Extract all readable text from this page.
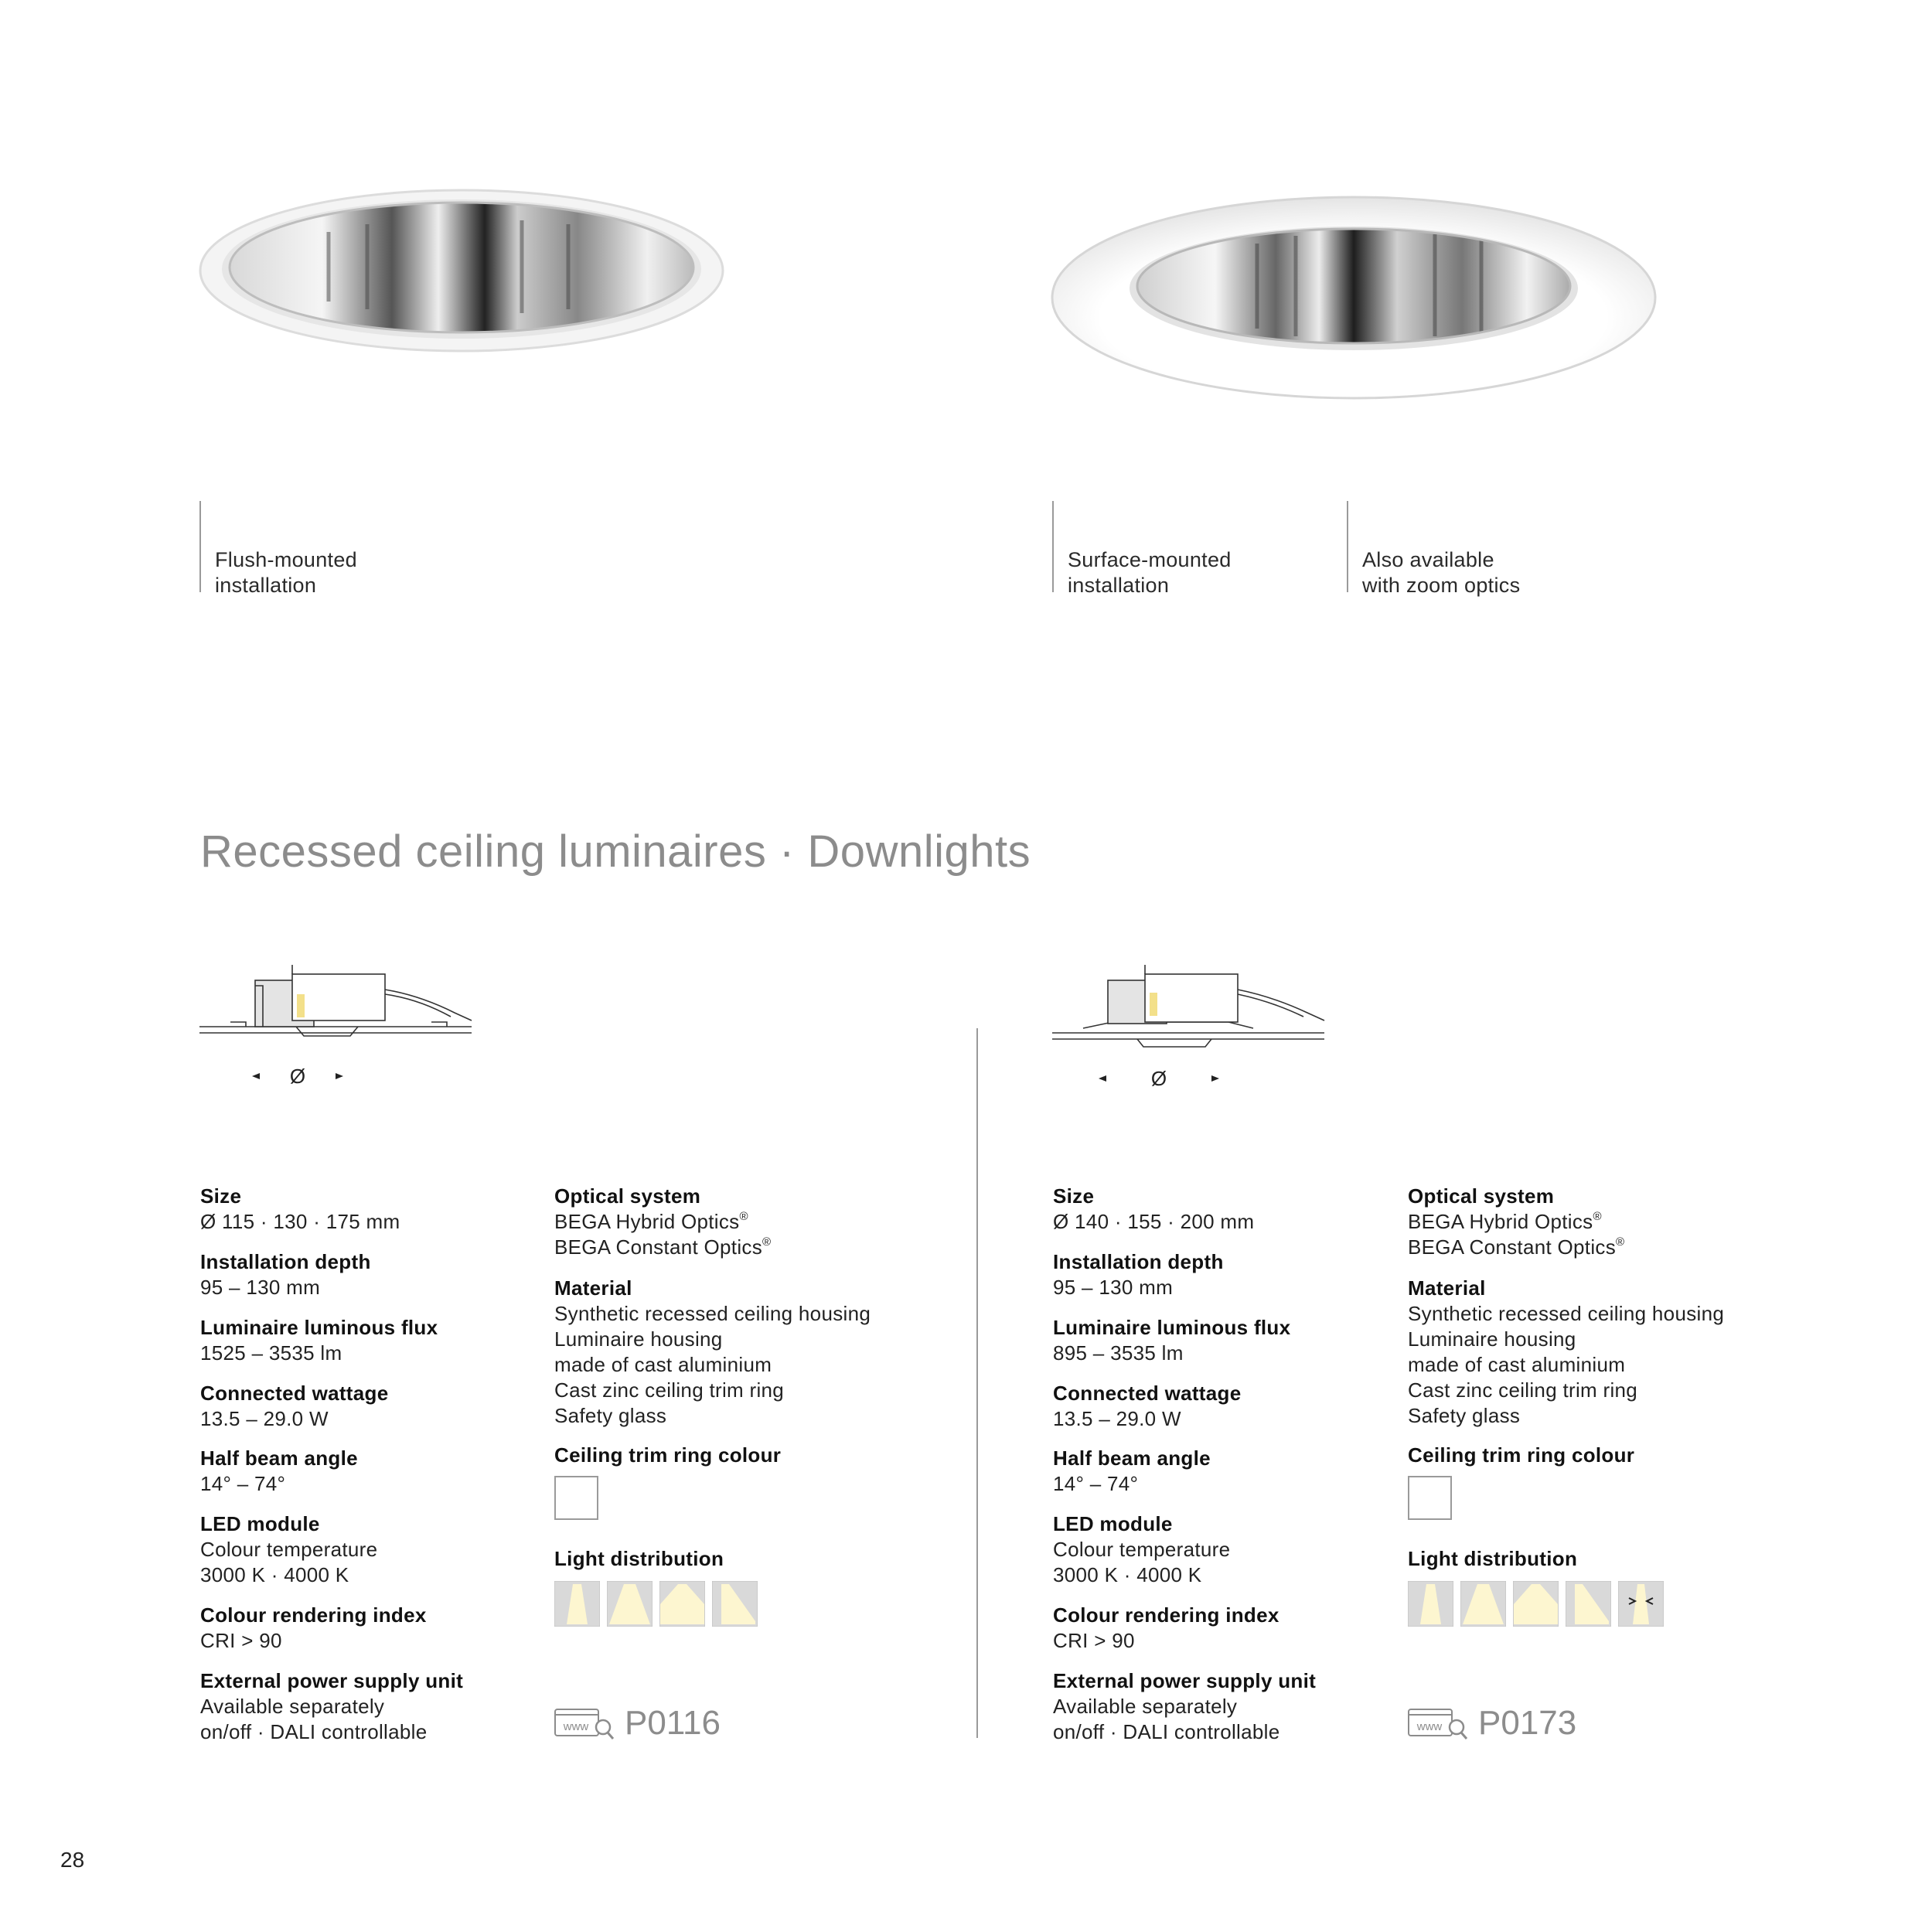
Flush-mounted
installation
Surface-mounted
installation
Also available
with zoom optics
Recessed ceiling luminaires · Downlights
Ø	Ø
Size
Ø 115 · 130 · 175 mm
Installation depth
95 – 130 mm
Luminaire luminous flux
1525 – 3535 lm
Connected wattage
13.5 – 29.0 W
Half beam angle
14° – 74°
LED module
Colour temperature
3000 K · 4000 K
Colour rendering index
CRI > 90
External power supply unit
Available separately
on/off · DALI controllable
Optical system
BEGA Hybrid Optics®
BEGA Constant Optics®
Material
Synthetic recessed ceiling housing
Luminaire housing
made of cast aluminium
Cast zinc ceiling trim ring
Safety glass
Ceiling trim ring colour
Light distribution
www P0116
Size
Ø 140 · 155 · 200 mm
Installation depth
95 – 130 mm
Luminaire luminous flux
895 – 3535 lm
Connected wattage
13.5 – 29.0 W
Half beam angle
14° – 74°
LED module
Colour temperature
3000 K · 4000 K
Colour rendering index
CRI > 90
External power supply unit
Available separately
on/off · DALI controllable
Optical system
BEGA Hybrid Optics®
BEGA Constant Optics®
Material
Synthetic recessed ceiling housing
Luminaire housing
made of cast aluminium
Cast zinc ceiling trim ring
Safety glass
Ceiling trim ring colour
Light distribution
www P0173
28
